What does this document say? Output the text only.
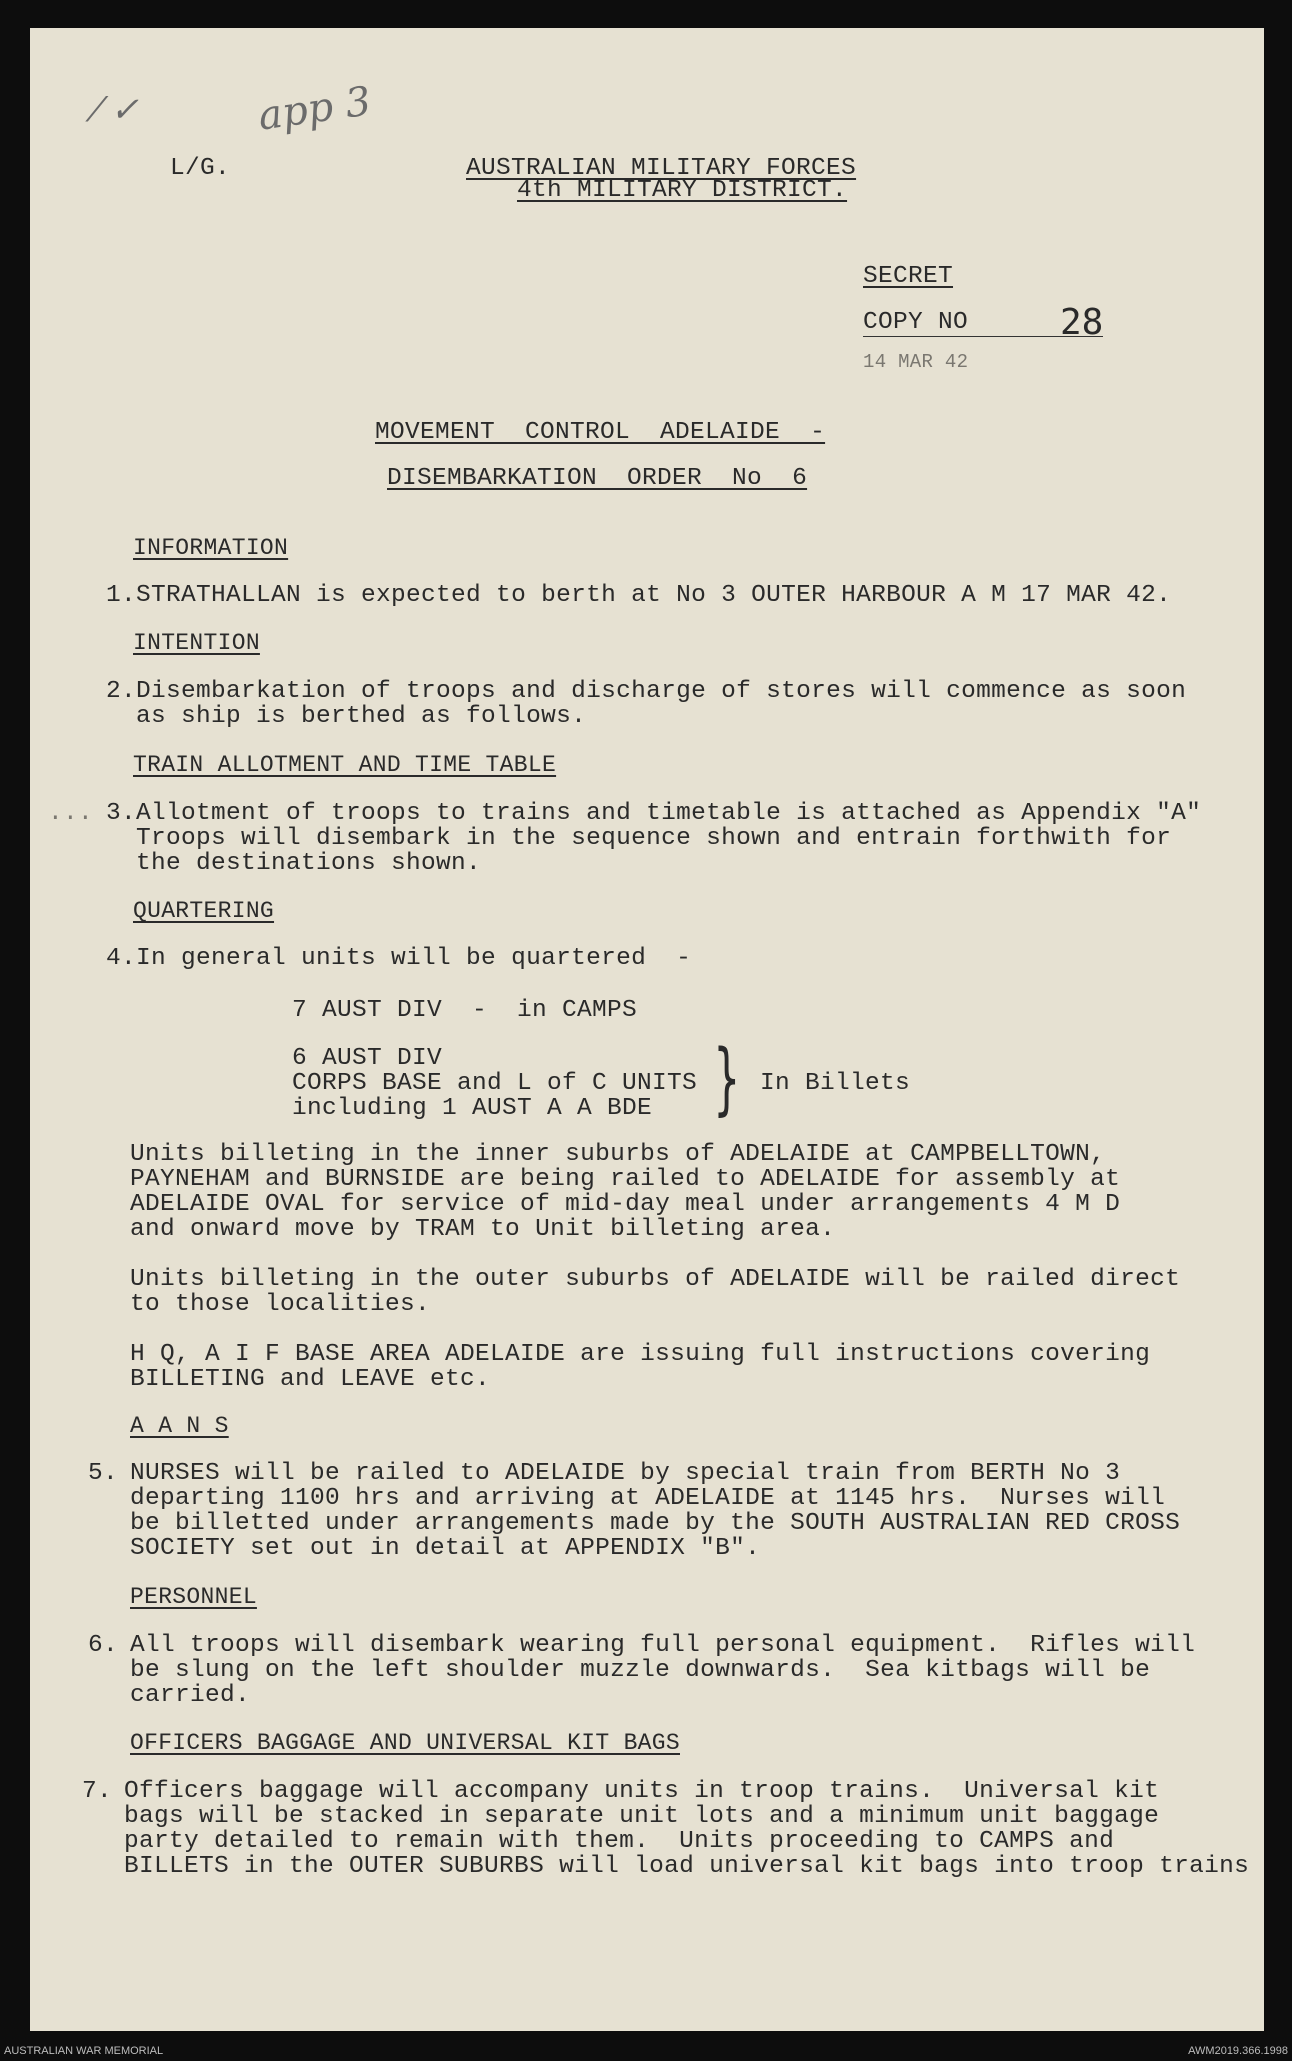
⁄ ✓	app 3
L/G.	AUSTRALIAN MILITARY FORCES
4th MILITARY DISTRICT.
SECRET
COPY NO	28
14 MAR 42
MOVEMENT  CONTROL  ADELAIDE  -
DISEMBARKATION  ORDER  No  6
INFORMATION
1.STRATHALLAN is expected to berth at No 3 OUTER HARBOUR A M 17 MAR 42.
INTENTION
2.Disembarkation of troops and discharge of stores will commence as soon
as ship is berthed as follows.
TRAIN ALLOTMENT AND TIME TABLE
... 3.Allotment of troops to trains and timetable is attached as Appendix "A"
Troops will disembark in the sequence shown and entrain forthwith for
the destinations shown.
QUARTERING
4.In general units will be quartered  -
7 AUST DIV  -  in CAMPS
6 AUST DIV
CORPS BASE and L of C UNITS
including 1 AUST A A BDE } In Billets
Units billeting in the inner suburbs of ADELAIDE at CAMPBELLTOWN,
PAYNEHAM and BURNSIDE are being railed to ADELAIDE for assembly at
ADELAIDE OVAL for service of mid-day meal under arrangements 4 M D
and onward move by TRAM to Unit billeting area.
Units billeting in the outer suburbs of ADELAIDE will be railed direct
to those localities.
H Q, A I F BASE AREA ADELAIDE are issuing full instructions covering
BILLETING and LEAVE etc.
A A N S
5. NURSES will be railed to ADELAIDE by special train from BERTH No 3
departing 1100 hrs and arriving at ADELAIDE at 1145 hrs.  Nurses will
be billetted under arrangements made by the SOUTH AUSTRALIAN RED CROSS
SOCIETY set out in detail at APPENDIX "B".
PERSONNEL
6. All troops will disembark wearing full personal equipment.  Rifles will
be slung on the left shoulder muzzle downwards.  Sea kitbags will be
carried.
OFFICERS BAGGAGE AND UNIVERSAL KIT BAGS
7. Officers baggage will accompany units in troop trains.  Universal kit
bags will be stacked in separate unit lots and a minimum unit baggage
party detailed to remain with them.  Units proceeding to CAMPS and
BILLETS in the OUTER SUBURBS will load universal kit bags into troop trains
AUSTRALIAN WAR MEMORIAL	AWM2019.366.1998
